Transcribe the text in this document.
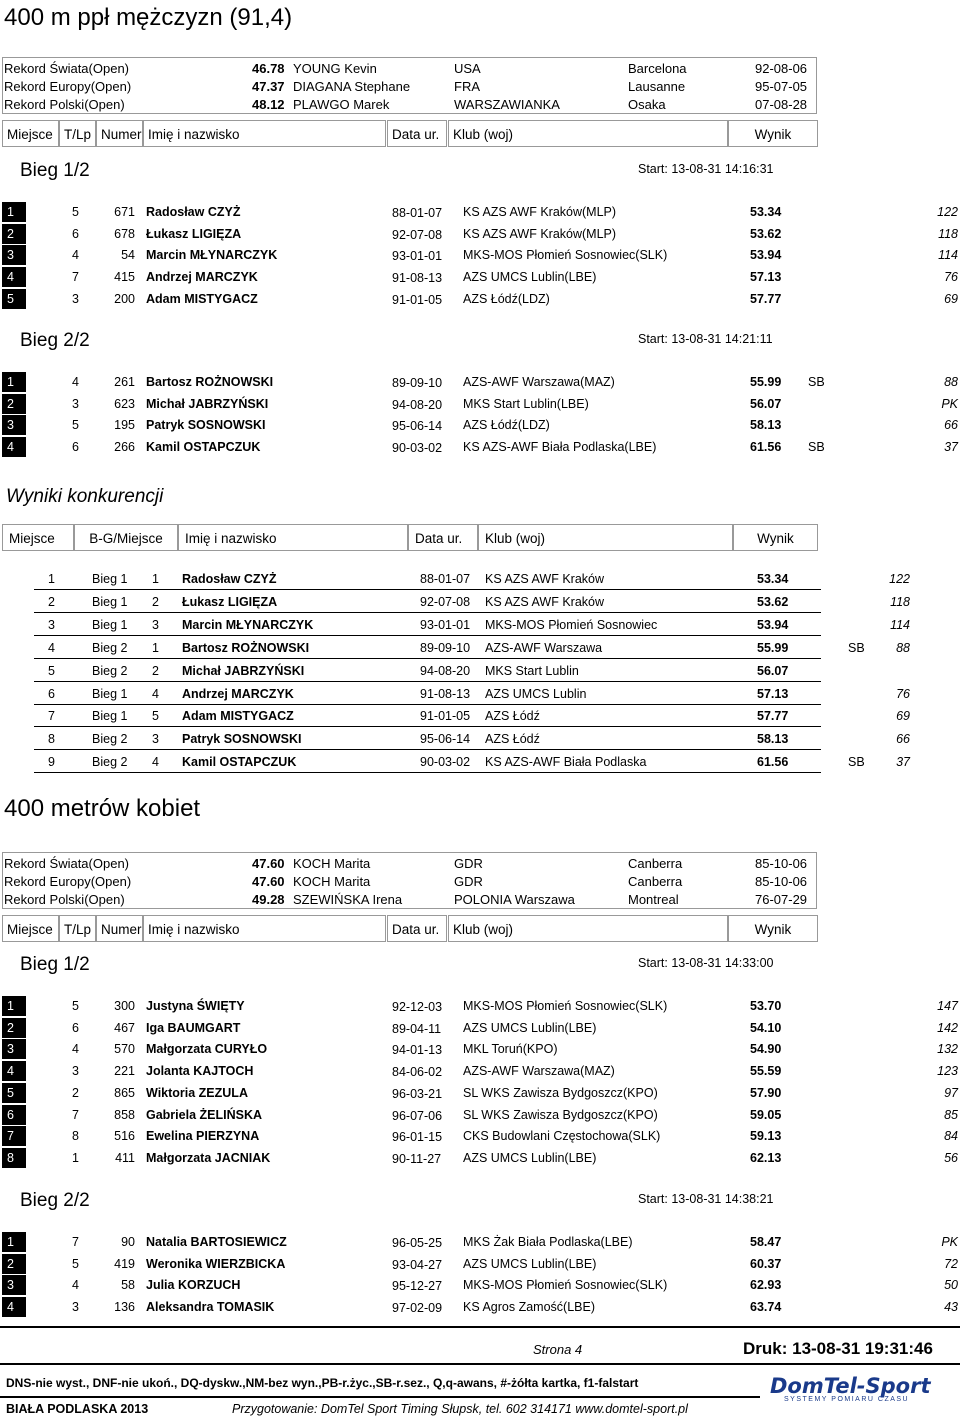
400 m ppł mężczyzn (91,4)
Rekord Świata(Open)	46.78 YOUNG Kevin	USA	Barcelona	92-08-06
Rekord Europy(Open)	47.37 DIAGANA Stephane	FRA	Lausanne	95-07-05
Rekord Polski(Open)	48.12 PLAWGO Marek	WARSZAWIANKA	Osaka	07-08-28
Miejsce T/Lp Numer Imię i nazwisko	Data ur.	Klub (woj)	Wynik
Bieg 1/2	Start: 13-08-31 14:16:31
1	5	671 Radosław CZYŻ	88-01-07 KS AZS AWF Kraków(MLP)	53.34	122
2	6	678 Łukasz LIGIĘZA	92-07-08 KS AZS AWF Kraków(MLP)	53.62	118
3	4	54 Marcin MŁYNARCZYK	93-01-01 MKS-MOS Płomień Sosnowiec(SLK)	53.94	114
4	7	415 Andrzej MARCZYK	91-08-13 AZS UMCS Lublin(LBE)	57.13	76
5	3	200 Adam MISTYGACZ	91-01-05 AZS Łódź(LDZ)	57.77	69
Bieg 2/2	Start: 13-08-31 14:21:11
1	4	261 Bartosz ROŻNOWSKI	89-09-10 AZS-AWF Warszawa(MAZ)	55.99 SB	88
2	3	623 Michał JABRZYŃSKI	94-08-20 MKS Start Lublin(LBE)	56.07	PK
3	5	195 Patryk SOSNOWSKI	95-06-14 AZS Łódź(LDZ)	58.13	66
4	6	266 Kamil OSTAPCZUK	90-03-02 KS AZS-AWF Biała Podlaska(LBE)	61.56 SB	37
Wyniki konkurencji
Miejsce	B-G/Miejsce	Imię i nazwisko	Data ur.	Klub (woj)	Wynik
1	Bieg 1 1 Radosław CZYŻ	88-01-07 KS AZS AWF Kraków	53.34	122
2	Bieg 1 2 Łukasz LIGIĘZA	92-07-08 KS AZS AWF Kraków	53.62	118
3	Bieg 1 3 Marcin MŁYNARCZYK	93-01-01 MKS-MOS Płomień Sosnowiec	53.94	114
4	Bieg 2 1 Bartosz ROŻNOWSKI	89-09-10 AZS-AWF Warszawa	55.99	SB	88
5	Bieg 2 2 Michał JABRZYŃSKI	94-08-20 MKS Start Lublin	56.07
6	Bieg 1 4 Andrzej MARCZYK	91-08-13 AZS UMCS Lublin	57.13	76
7	Bieg 1 5 Adam MISTYGACZ	91-01-05 AZS Łódź	57.77	69
8	Bieg 2 3 Patryk SOSNOWSKI	95-06-14 AZS Łódź	58.13	66
9	Bieg 2 4 Kamil OSTAPCZUK	90-03-02 KS AZS-AWF Biała Podlaska	61.56	SB	37
400 metrów kobiet
Rekord Świata(Open)	47.60 KOCH Marita	GDR	Canberra	85-10-06
Rekord Europy(Open)	47.60 KOCH Marita	GDR	Canberra	85-10-06
Rekord Polski(Open)	49.28 SZEWIŃSKA Irena	POLONIA Warszawa	Montreal	76-07-29
Miejsce T/Lp Numer Imię i nazwisko	Data ur.	Klub (woj)	Wynik
Bieg 1/2	Start: 13-08-31 14:33:00
1	5	300 Justyna ŚWIĘTY	92-12-03 MKS-MOS Płomień Sosnowiec(SLK)	53.70	147
2	6	467 Iga BAUMGART	89-04-11 AZS UMCS Lublin(LBE)	54.10	142
3	4	570 Małgorzata CURYŁO	94-01-13 MKL Toruń(KPO)	54.90	132
4	3	221 Jolanta KAJTOCH	84-06-02 AZS-AWF Warszawa(MAZ)	55.59	123
5	2	865 Wiktoria ZEZULA	96-03-21 SL WKS Zawisza Bydgoszcz(KPO)	57.90	97
6	7	858 Gabriela ŻELIŃSKA	96-07-06 SL WKS Zawisza Bydgoszcz(KPO)	59.05	85
7	8	516 Ewelina PIERZYNA	96-01-15 CKS Budowlani Częstochowa(SLK)	59.13	84
8	1	411 Małgorzata JACNIAK	90-11-27 AZS UMCS Lublin(LBE)	62.13	56
Bieg 2/2	Start: 13-08-31 14:38:21
1	7	90 Natalia BARTOSIEWICZ	96-05-25 MKS Żak Biała Podlaska(LBE)	58.47	PK
2	5	419 Weronika WIERZBICKA	93-04-27 AZS UMCS Lublin(LBE)	60.37	72
3	4	58 Julia KORZUCH	95-12-27 MKS-MOS Płomień Sosnowiec(SLK)	62.93	50
4	3	136 Aleksandra TOMASIK	97-02-09 KS Agros Zamość(LBE)	63.74	43
Strona 4	Druk: 13-08-31 19:31:46
DNS-nie wyst., DNF-nie ukoń., DQ-dyskw.,NM-bez wyn.,PB-r.życ.,SB-r.sez., Q,q-awans, #-żółta kartka, f1-falstart
BIAŁA PODLASKA 2013	Przygotowanie: DomTel Sport Timing Słupsk, tel. 602 314171 www.domtel-sport.pl
DomTel-Sport
SYSTEMY POMIARU CZASU
